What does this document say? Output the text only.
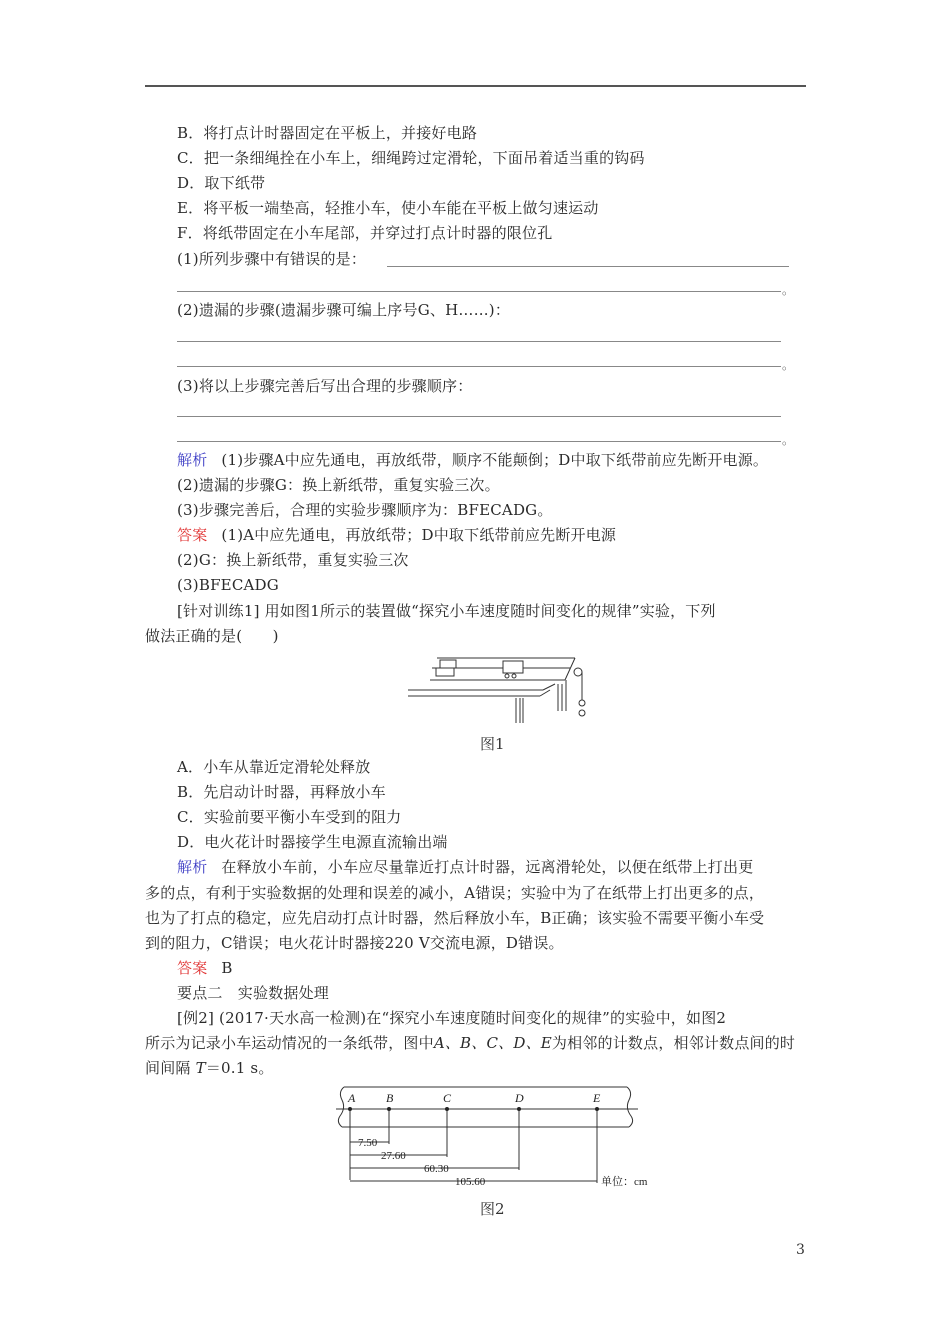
B．将打点计时器固定在平板上，并接好电路
C．把一条细绳拴在小车上，细绳跨过定滑轮，下面吊着适当重的钩码
D．取下纸带
E．将平板一端垫高，轻推小车，使小车能在平板上做匀速运动
F．将纸带固定在小车尾部，并穿过打点计时器的限位孔
(1)所列步骤中有错误的是：
。
(2)遗漏的步骤(遗漏步骤可编上序号G、H……)：
。
(3)将以上步骤完善后写出合理的步骤顺序：
。
解析 (1)步骤A中应先通电，再放纸带，顺序不能颠倒；D中取下纸带前应先断开电源。
(2)遗漏的步骤G：换上新纸带，重复实验三次。
(3)步骤完善后，合理的实验步骤顺序为：BFECADG。
答案 (1)A中应先通电，再放纸带；D中取下纸带前应先断开电源
(2)G：换上新纸带，重复实验三次
(3)BFECADG
[针对训练1] 用如图1所示的装置做“探究小车速度随时间变化的规律”实验，下列
做法正确的是(　　)
图1
A．小车从靠近定滑轮处释放
B．先启动计时器，再释放小车
C．实验前要平衡小车受到的阻力
D．电火花计时器接学生电源直流输出端
解析 在释放小车前，小车应尽量靠近打点计时器，远离滑轮处，以便在纸带上打出更
多的点，有利于实验数据的处理和误差的减小，A错误；实验中为了在纸带上打出更多的点，
也为了打点的稳定，应先启动打点计时器，然后释放小车，B正确；该实验不需要平衡小车受
到的阻力，C错误；电火花计时器接220 V交流电源，D错误。
答案 B
要点二　实验数据处理
[例2] (2017·天水高一检测)在“探究小车速度随时间变化的规律”的实验中，如图2
所示为记录小车运动情况的一条纸带，图中A、B、C、D、E为相邻的计数点，相邻计数点间的时
间间隔 T＝0.1 s。
A	B	C	D	E
7.50
27.60
60.30
105.60	单位：cm
图2
3
